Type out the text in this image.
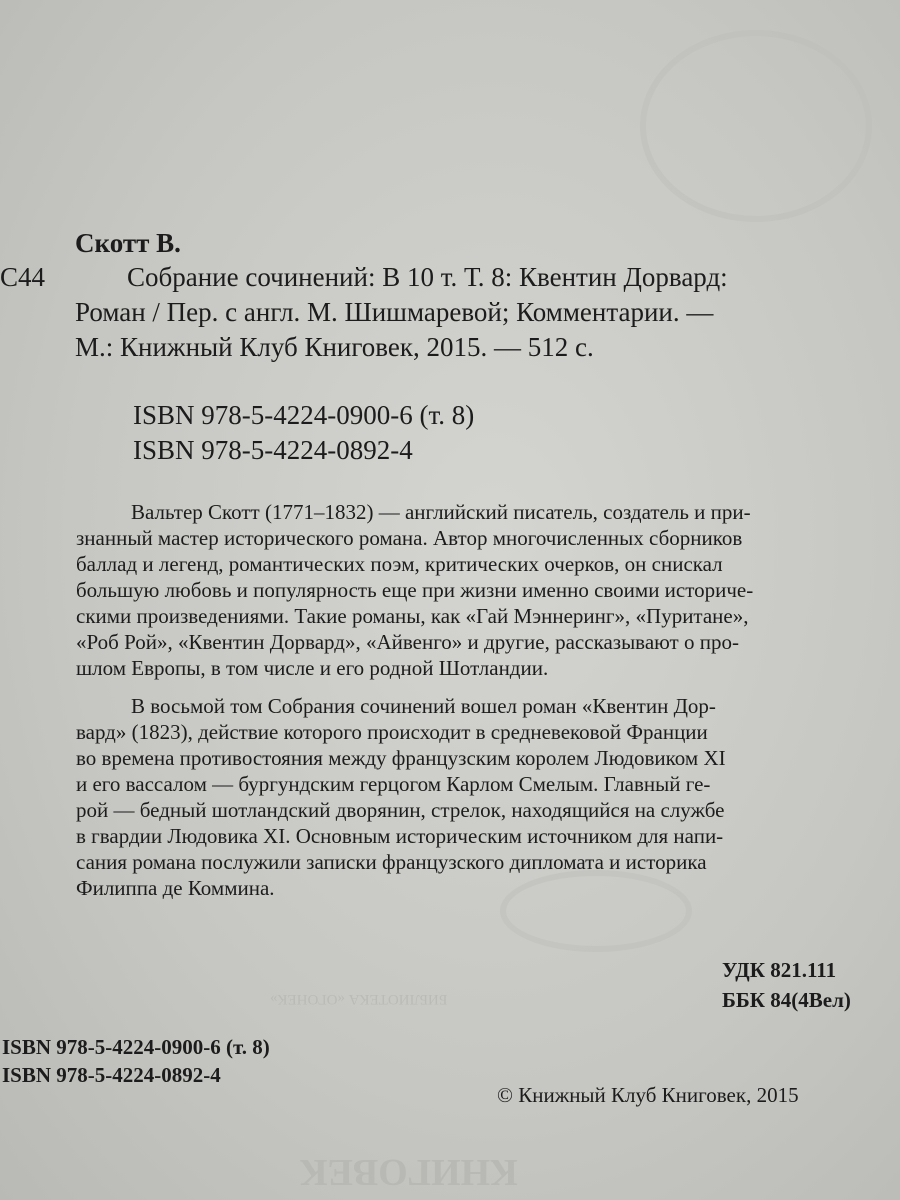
БИБЛИОТЕКА «ОГОНЕК»
КНИГОВЕК
Скотт В.
С44	Собрание сочинений: В 10 т. Т. 8: Квентин Дорвард:
Роман / Пер. с англ. М. Шишмаревой; Комментарии. —
М.: Книжный Клуб Книговек, 2015. — 512 с.
ISBN 978-5-4224-0900-6 (т. 8)
ISBN 978-5-4224-0892-4
Вальтер Скотт (1771–1832) — английский писатель, создатель и при-
знанный мастер исторического романа. Автор многочисленных сборников
баллад и легенд, романтических поэм, критических очерков, он снискал
большую любовь и популярность еще при жизни именно своими историче-
скими произведениями. Такие романы, как «Гай Мэннеринг», «Пуритане»,
«Роб Рой», «Квентин Дорвард», «Айвенго» и другие, рассказывают о про-
шлом Европы, в том числе и его родной Шотландии.
В восьмой том Собрания сочинений вошел роман «Квентин Дор-
вард» (1823), действие которого происходит в средневековой Франции
во времена противостояния между французским королем Людовиком XI
и его вассалом — бургундским герцогом Карлом Смелым. Главный ге-
рой — бедный шотландский дворянин, стрелок, находящийся на службе
в гвардии Людовика XI. Основным историческим источником для напи-
сания романа послужили записки французского дипломата и историка
Филиппа де Коммина.
УДК 821.111
ББК 84(4Вел)
ISBN 978-5-4224-0900-6 (т. 8)
ISBN 978-5-4224-0892-4
© Книжный Клуб Книговек, 2015
